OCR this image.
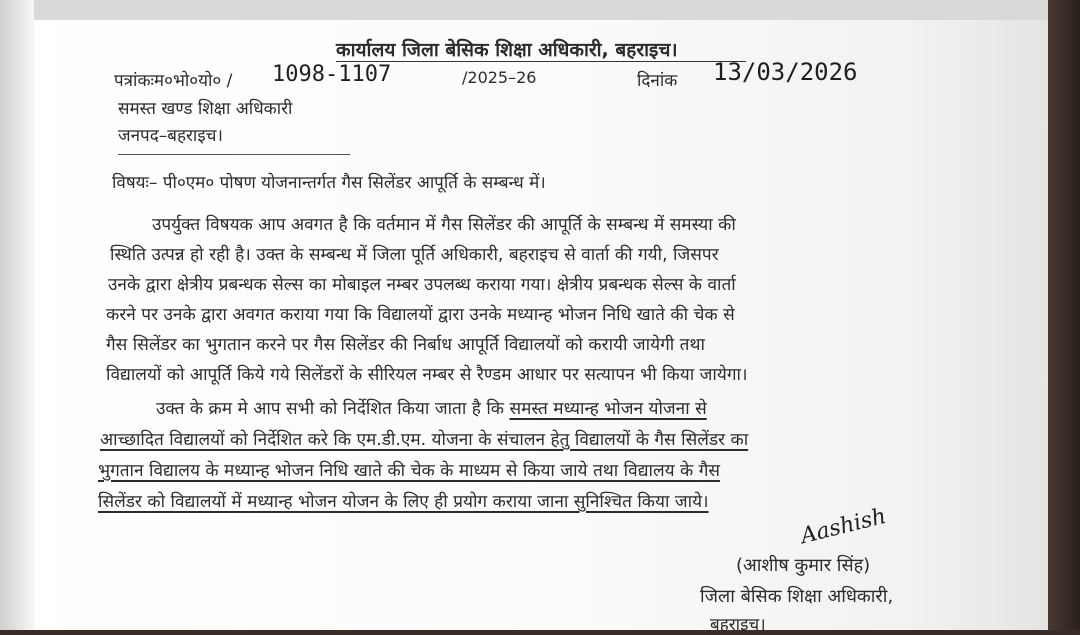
कार्यालय जिला बेसिक शिक्षा अधिकारी, बहराइच।
पत्रांकःम०भो०यो० / 1098-1107	/2025–26	दिनांक 13/03/2026
समस्त खण्ड शिक्षा अधिकारी
जनपद–बहराइच।
विषयः– पी०एम० पोषण योजनान्तर्गत गैस सिलेंडर आपूर्ति के सम्बन्ध में।
उपर्युक्त विषयक आप अवगत है कि वर्तमान में गैस सिलेंडर की आपूर्ति के सम्बन्ध में समस्या की
स्थिति उत्पन्न हो रही है। उक्त के सम्बन्ध में जिला पूर्ति अधिकारी, बहराइच से वार्ता की गयी, जिसपर
उनके द्वारा क्षेत्रीय प्रबन्धक सेल्स का मोबाइल नम्बर उपलब्ध कराया गया। क्षेत्रीय प्रबन्धक सेल्स के वार्ता
करने पर उनके द्वारा अवगत कराया गया कि विद्यालयों द्वारा उनके मध्यान्ह भोजन निधि खाते की चेक से
गैस सिलेंडर का भुगतान करने पर गैस सिलेंडर की निर्बाध आपूर्ति विद्यालयों को करायी जायेगी तथा
विद्यालयों को आपूर्ति किये गये सिलेंडरों के सीरियल नम्बर से रैण्डम आधार पर सत्यापन भी किया जायेगा।
उक्त के क्रम मे आप सभी को निर्देशित किया जाता है कि समस्त मध्यान्ह भोजन योजना से
आच्छादित विद्यालयों को निर्देशित करे कि एम.डी.एम. योजना के संचालन हेतु विद्यालयों के गैस सिलेंडर का
भुगतान विद्यालय के मध्यान्ह भोजन निधि खाते की चेक के माध्यम से किया जाये तथा विद्यालय के गैस
सिलेंडर को विद्यालयों में मध्यान्ह भोजन योजन के लिए ही प्रयोग कराया जाना सुनिश्चित किया जाये।
Aashish
(आशीष कुमार सिंह)
जिला बेसिक शिक्षा अधिकारी,
बहराइच।
